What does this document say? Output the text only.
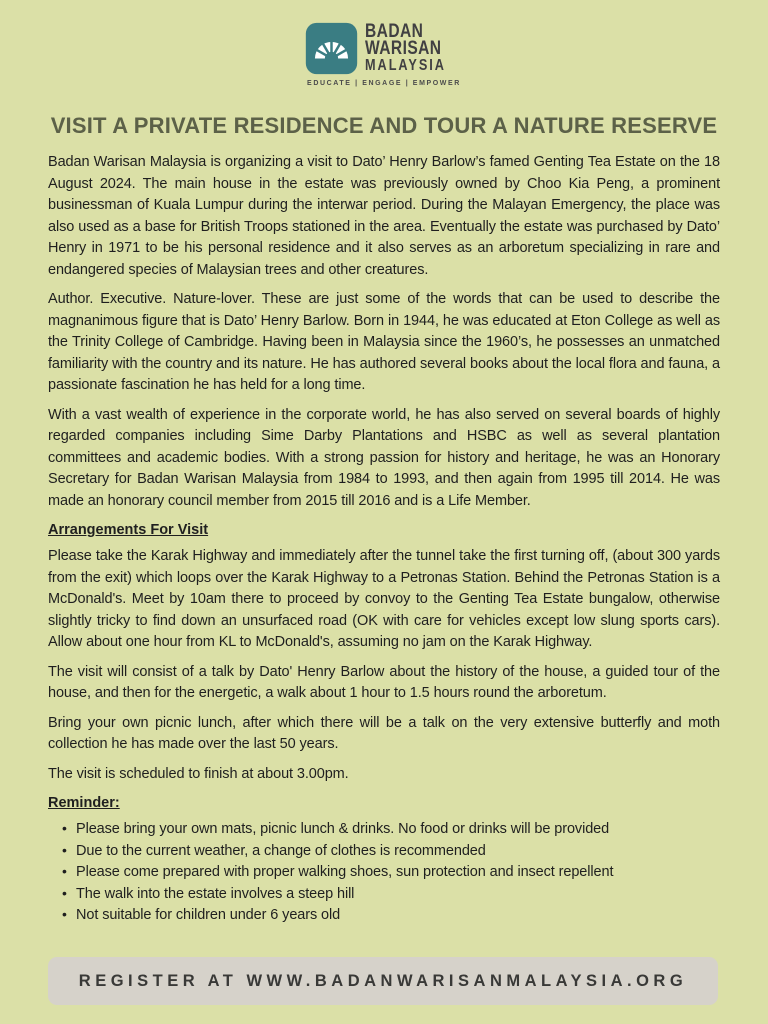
BADAN
WARISAN
MALAYSIA
EDUCATE | ENGAGE | EMPOWER
VISIT A PRIVATE RESIDENCE AND TOUR A NATURE RESERVE

Badan Warisan Malaysia is organizing a visit to Dato’ Henry Barlow’s famed Genting Tea Estate on the 18 August 2024. The main house in the estate was previously owned by Choo Kia Peng, a prominent businessman of Kuala Lumpur during the interwar period. During the Malayan Emergency, the place was also used as a base for British Troops stationed in the area. Eventually the estate was purchased by Dato’ Henry in 1971 to be his personal residence and it also serves as an arboretum specializing in rare and endangered species of Malaysian trees and other creatures.

Author. Executive. Nature-lover. These are just some of the words that can be used to describe the magnanimous figure that is Dato’ Henry Barlow. Born in 1944, he was educated at Eton College as well as the Trinity College of Cambridge. Having been in Malaysia since the 1960’s, he possesses an unmatched familiarity with the country and its nature. He has authored several books about the local flora and fauna, a passionate fascination he has held for a long time.

With a vast wealth of experience in the corporate world, he has also served on several boards of highly regarded companies including Sime Darby Plantations and HSBC as well as several plantation committees and academic bodies. With a strong passion for history and heritage, he was an Honorary Secretary for Badan Warisan Malaysia from 1984 to 1993, and then again from 1995 till 2014. He was made an honorary council member from 2015 till 2016 and is a Life Member.

Arrangements For Visit

Please take the Karak Highway and immediately after the tunnel take the first turning off, (about 300 yards from the exit) which loops over the Karak Highway to a Petronas Station. Behind the Petronas Station is a McDonald's. Meet by 10am there to proceed by convoy to the Genting Tea Estate bungalow, otherwise slightly tricky to find down an unsurfaced road (OK with care for vehicles except low slung sports cars). Allow about one hour from KL to McDonald's, assuming no jam on the Karak Highway.

The visit will consist of a talk by Dato' Henry Barlow about the history of the house, a guided tour of the house, and then for the energetic, a walk about 1 hour to 1.5 hours round the arboretum.

Bring your own picnic lunch, after which there will be a talk on the very extensive butterfly and moth collection he has made over the last 50 years.

The visit is scheduled to finish at about 3.00pm.

Reminder:
• Please bring your own mats, picnic lunch & drinks. No food or drinks will be provided
• Due to the current weather, a change of clothes is recommended
• Please come prepared with proper walking shoes, sun protection and insect repellent
• The walk into the estate involves a steep hill
• Not suitable for children under 6 years old
REGISTER AT WWW.BADANWARISANMALAYSIA.ORG
